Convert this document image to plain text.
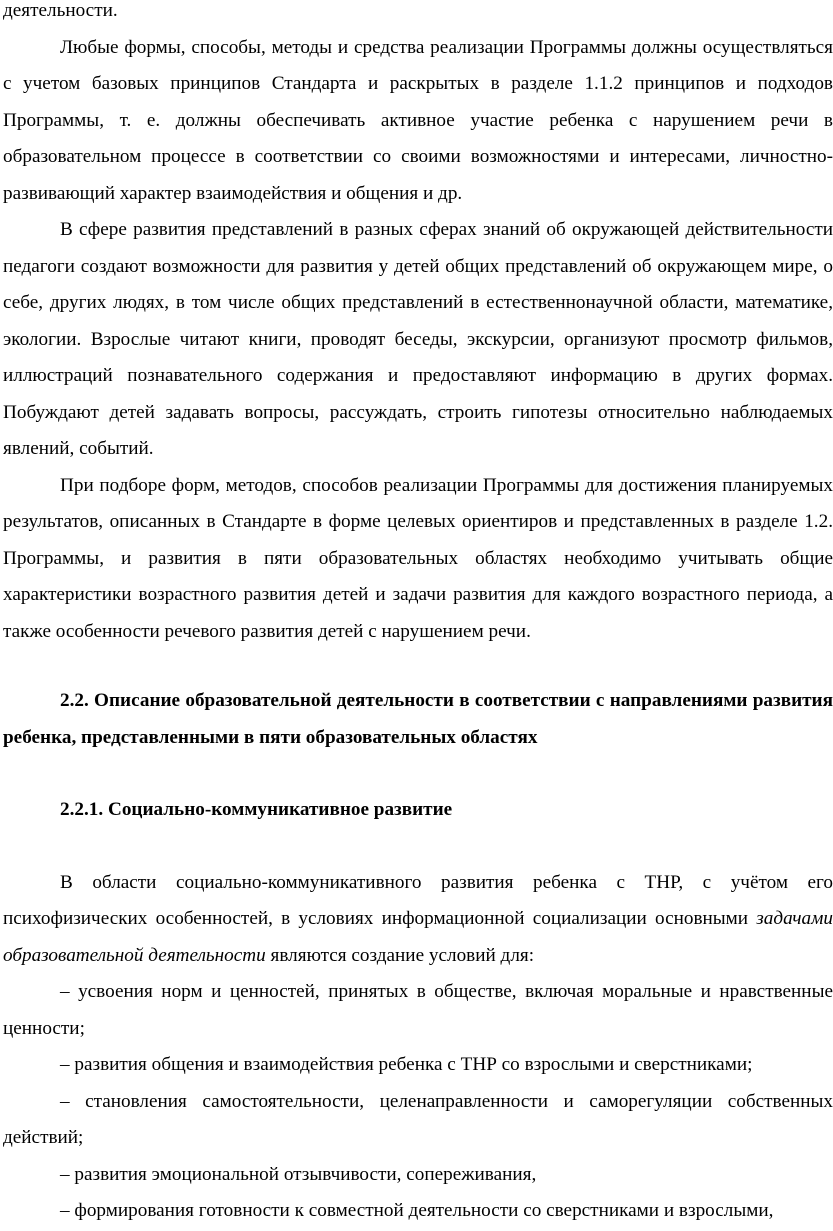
деятельности.

Любые формы, способы, методы и средства реализации Программы должны осуществляться с учетом базовых принципов Стандарта и раскрытых в разделе 1.1.2 принципов и подходов Программы, т. е. должны обеспечивать активное участие ребенка с нарушением речи в образовательном процессе в соответствии со своими возможностями и интересами, личностно-развивающий характер взаимодействия и общения и др.

В сфере развития представлений в разных сферах знаний об окружающей действительности педагоги создают возможности для развития у детей общих представлений об окружающем мире, о себе, других людях, в том числе общих представлений в естественнонаучной области, математике, экологии. Взрослые читают книги, проводят беседы, экскурсии, организуют просмотр фильмов, иллюстраций познавательного содержания и предоставляют информацию в других формах. Побуждают детей задавать вопросы, рассуждать, строить гипотезы относительно наблюдаемых явлений, событий.

При подборе форм, методов, способов реализации Программы для достижения планируемых результатов, описанных в Стандарте в форме целевых ориентиров и представленных в разделе 1.2. Программы, и развития в пяти образовательных областях необходимо учитывать общие характеристики возрастного развития детей и задачи развития для каждого возрастного периода, а также особенности речевого развития детей с нарушением речи.

2.2. Описание образовательной деятельности в соответствии с направлениями развития ребенка, представленными в пяти образовательных областях

2.2.1. Социально-коммуникативное развитие

В области социально-коммуникативного развития ребенка с ТНР, с учётом его психофизических особенностей, в условиях информационной социализации основными задачами образовательной деятельности являются создание условий для:

– усвоения норм и ценностей, принятых в обществе, включая моральные и нравственные ценности;

– развития общения и взаимодействия ребенка с ТНР со взрослыми и сверстниками;

– становления самостоятельности, целенаправленности и саморегуляции собственных действий;

– развития эмоциональной отзывчивости, сопереживания,

– формирования готовности к совместной деятельности со сверстниками и взрослыми,
